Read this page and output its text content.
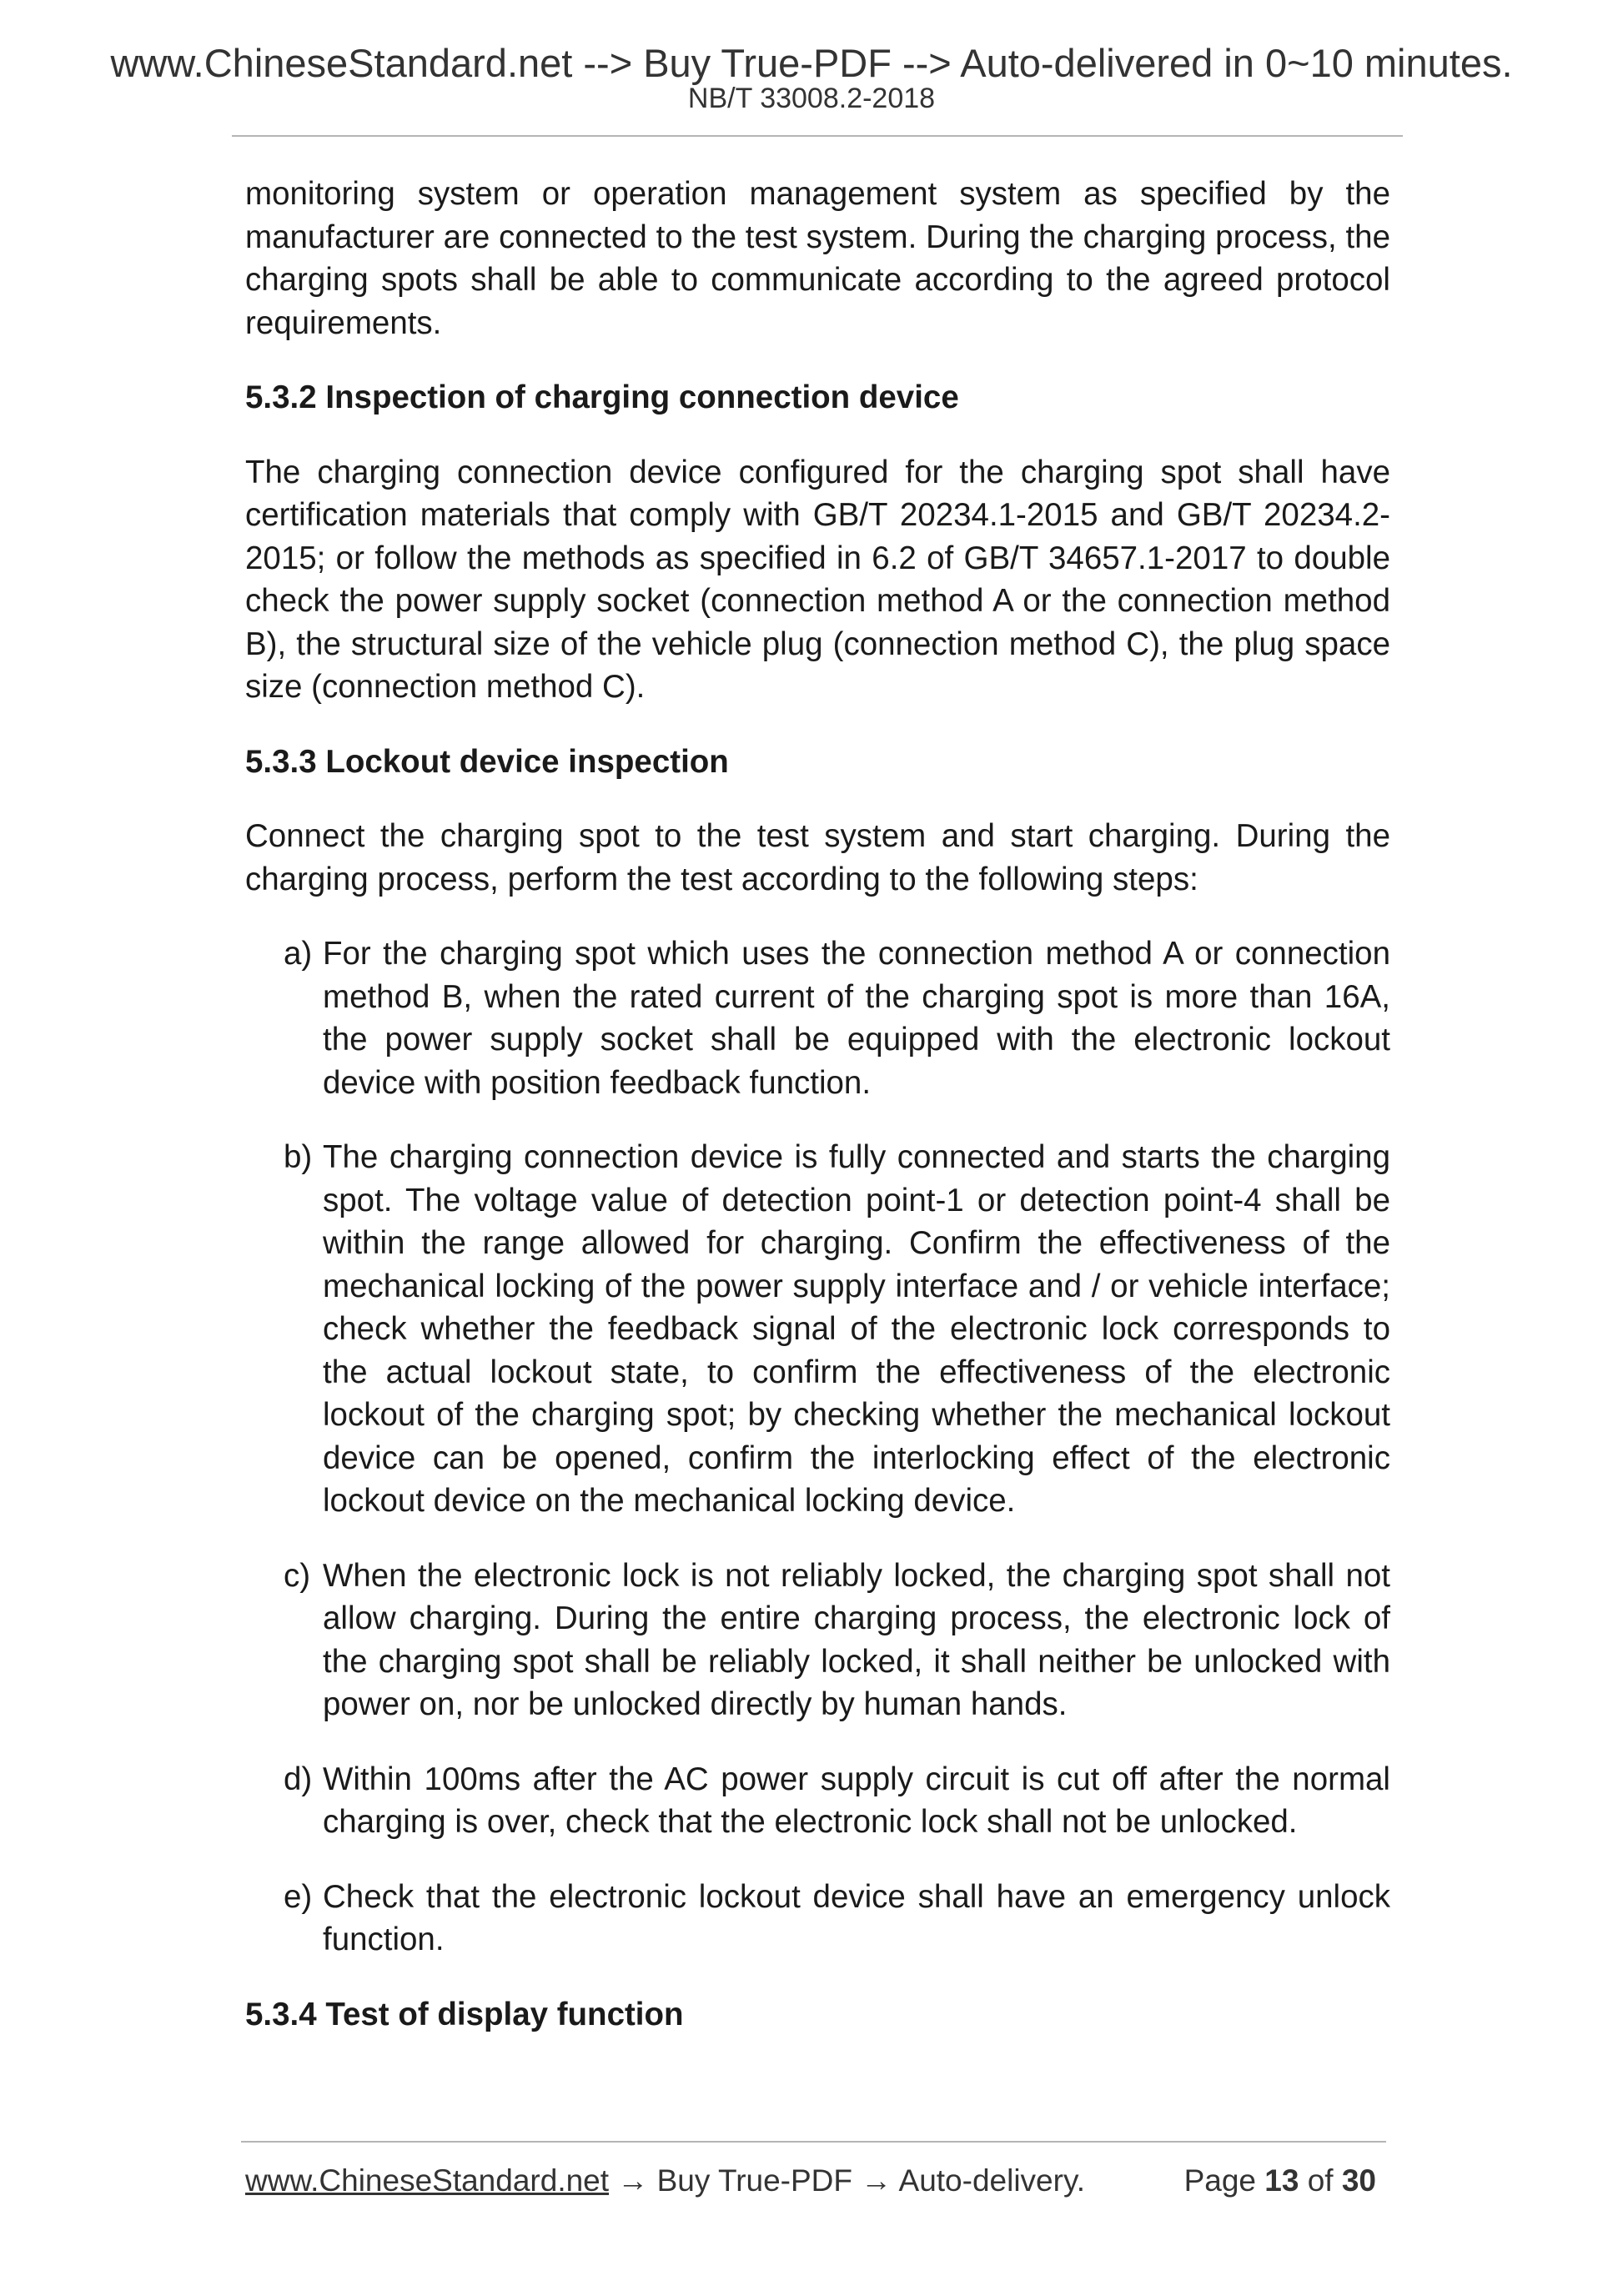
www.ChineseStandard.net --> Buy True-PDF --> Auto-delivered in 0~10 minutes.
NB/T 33008.2-2018

monitoring system or operation management system as specified by the manufacturer are connected to the test system. During the charging process, the charging spots shall be able to communicate according to the agreed protocol requirements.

5.3.2 Inspection of charging connection device

The charging connection device configured for the charging spot shall have certification materials that comply with GB/T 20234.1-2015 and GB/T 20234.2-2015; or follow the methods as specified in 6.2 of GB/T 34657.1-2017 to double check the power supply socket (connection method A or the connection method B), the structural size of the vehicle plug (connection method C), the plug space size (connection method C).

5.3.3 Lockout device inspection

Connect the charging spot to the test system and start charging. During the charging process, perform the test according to the following steps:

a) For the charging spot which uses the connection method A or connection method B, when the rated current of the charging spot is more than 16A, the power supply socket shall be equipped with the electronic lockout device with position feedback function.
b) The charging connection device is fully connected and starts the charging spot. The voltage value of detection point-1 or detection point-4 shall be within the range allowed for charging. Confirm the effectiveness of the mechanical locking of the power supply interface and / or vehicle interface; check whether the feedback signal of the electronic lock corresponds to the actual lockout state, to confirm the effectiveness of the electronic lockout of the charging spot; by checking whether the mechanical lockout device can be opened, confirm the interlocking effect of the electronic lockout device on the mechanical locking device.
c) When the electronic lock is not reliably locked, the charging spot shall not allow charging. During the entire charging process, the electronic lock of the charging spot shall be reliably locked, it shall neither be unlocked with power on, nor be unlocked directly by human hands.
d) Within 100ms after the AC power supply circuit is cut off after the normal charging is over, check that the electronic lock shall not be unlocked.
e) Check that the electronic lockout device shall have an emergency unlock function.
5.3.4 Test of display function
www.ChineseStandard.net → Buy True-PDF → Auto-delivery.	Page 13 of 30
